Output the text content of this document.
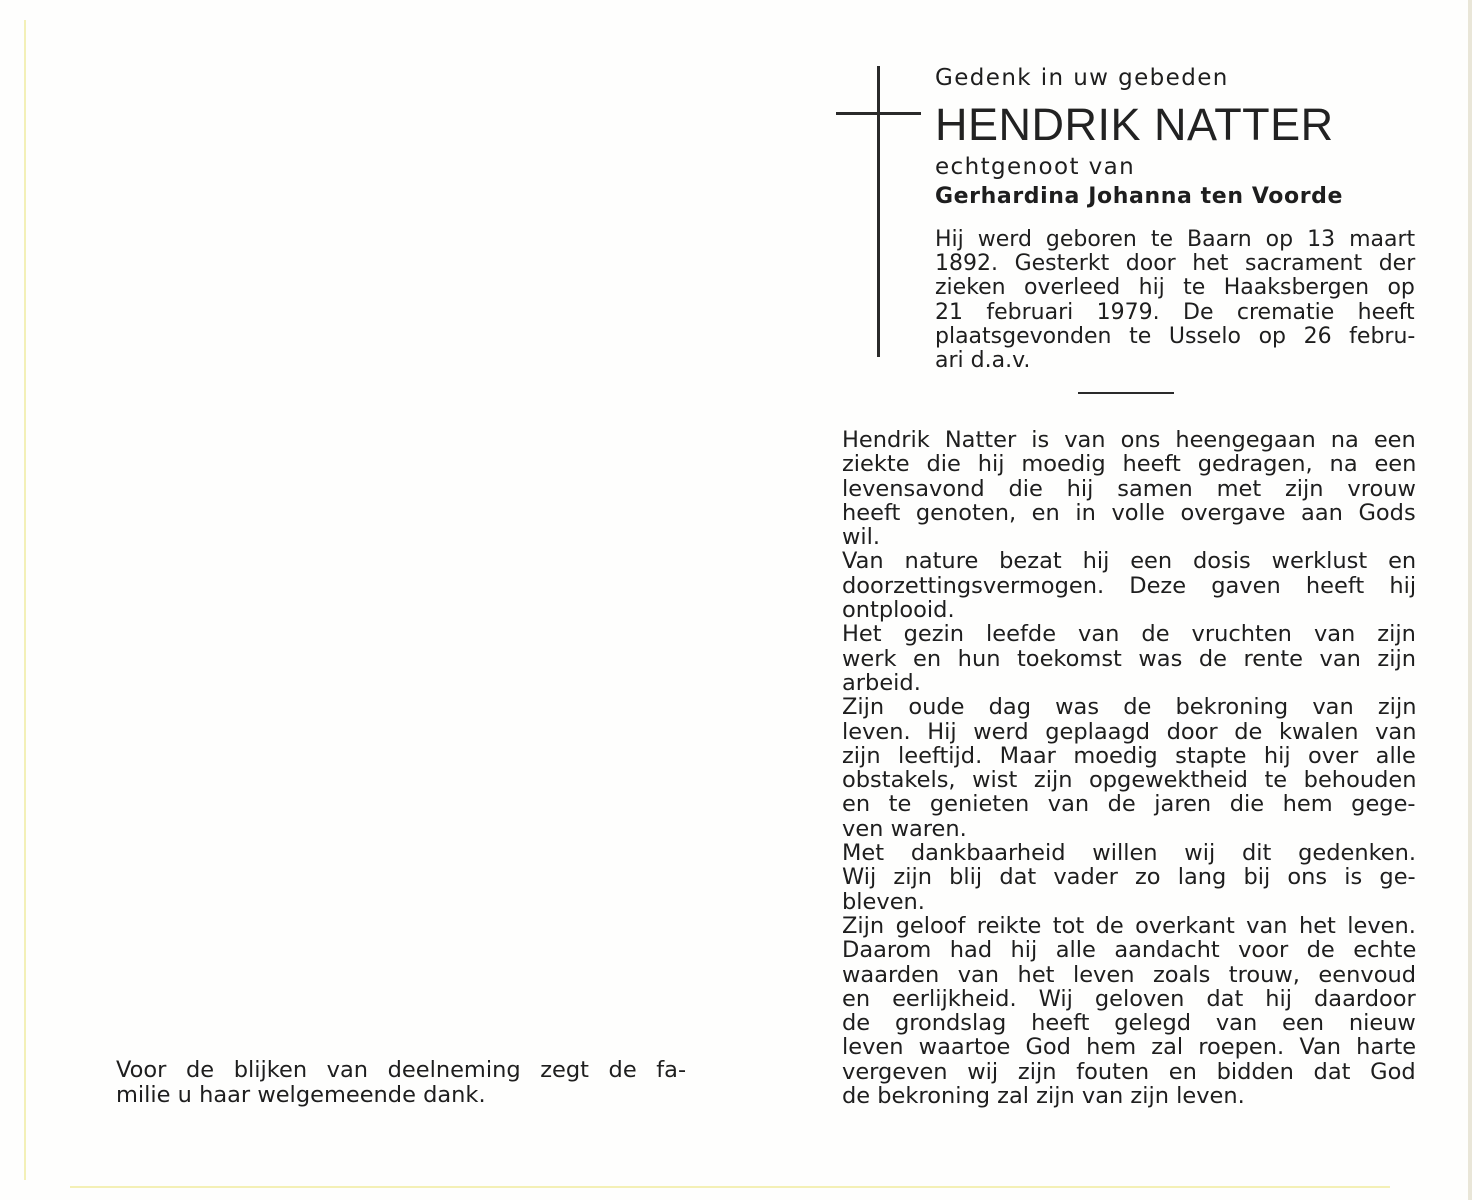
Gedenk in uw gebeden

HENDRIK NATTER

echtgenoot van

Gerhardina Johanna ten Voorde

Hij werd geboren te Baarn op 13 maart
1892. Gesterkt door het sacrament der
zieken overleed hij te Haaksbergen op
21 februari 1979. De crematie heeft
plaatsgevonden te Usselo op 26 febru-
ari d.a.v.
Hendrik Natter is van ons heengegaan na een
ziekte die hij moedig heeft gedragen, na een
levensavond die hij samen met zijn vrouw
heeft genoten, en in volle overgave aan Gods
wil.
Van nature bezat hij een dosis werklust en
doorzettingsvermogen. Deze gaven heeft hij
ontplooid.
Het gezin leefde van de vruchten van zijn
werk en hun toekomst was de rente van zijn
arbeid.
Zijn oude dag was de bekroning van zijn
leven. Hij werd geplaagd door de kwalen van
zijn leeftijd. Maar moedig stapte hij over alle
obstakels, wist zijn opgewektheid te behouden
en te genieten van de jaren die hem gege-
ven waren.
Met dankbaarheid willen wij dit gedenken.
Wij zijn blij dat vader zo lang bij ons is ge-
bleven.
Zijn geloof reikte tot de overkant van het leven.
Daarom had hij alle aandacht voor de echte
waarden van het leven zoals trouw, eenvoud
en eerlijkheid. Wij geloven dat hij daardoor
de grondslag heeft gelegd van een nieuw
leven waartoe God hem zal roepen. Van harte
vergeven wij zijn fouten en bidden dat God
de bekroning zal zijn van zijn leven.
Voor de blijken van deelneming zegt de fa-
milie u haar welgemeende dank.
